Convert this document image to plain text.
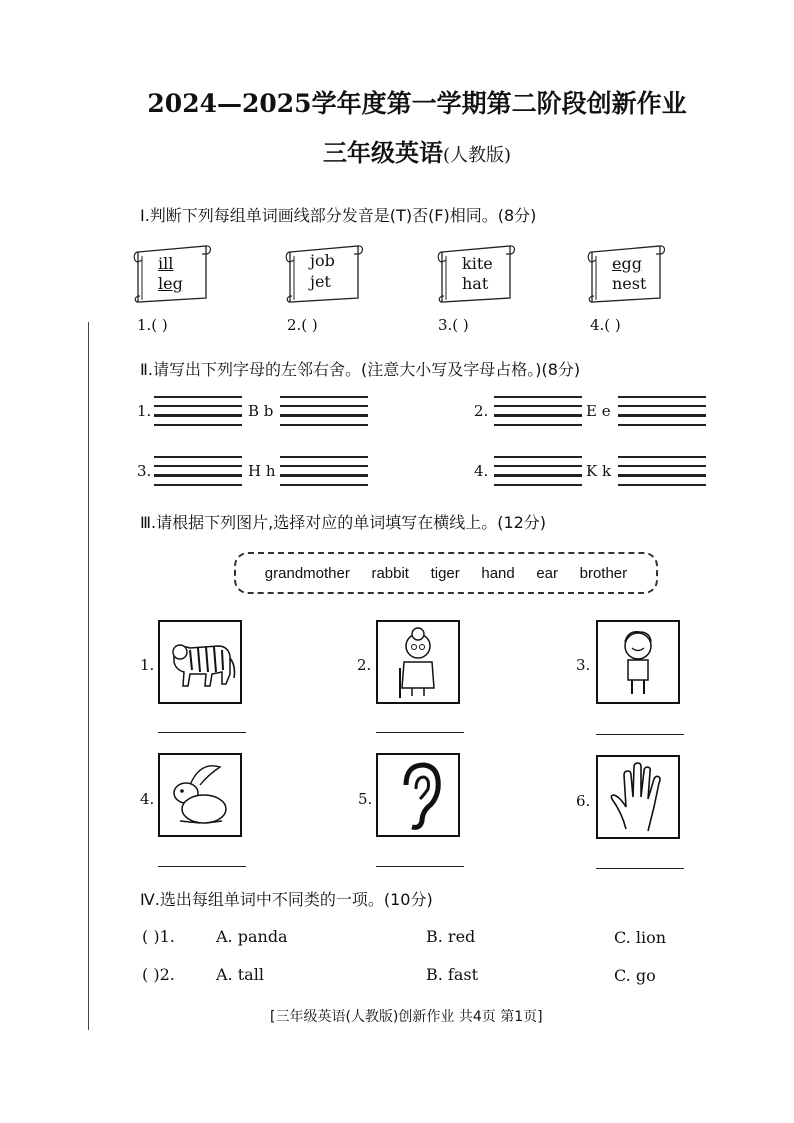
2024—2025学年度第一学期第二阶段创新作业
三年级英语(人教版)
Ⅰ.判断下列每组单词画线部分发音是(T)否(F)相同。(8分)
ill
leg
job
jet
kite
hat
egg
nest
1.( )	2.( )	3.( )	4.( )
Ⅱ.请写出下列字母的左邻右舍。(注意大小写及字母占格。)(8分)
1.	B b	2.	E e
3.	H h	4.	K k
Ⅲ.请根据下列图片,选择对应的单词填写在横线上。(12分)
grandmother rabbit tiger hand ear brother
1.	2.	3.
4.	5.	6.
Ⅳ.选出每组单词中不同类的一项。(10分)
( )1.	A. panda	B. red	C. lion
( )2.	A. tall	B. fast	C. go
[三年级英语(人教版)创新作业 共4页 第1页]
